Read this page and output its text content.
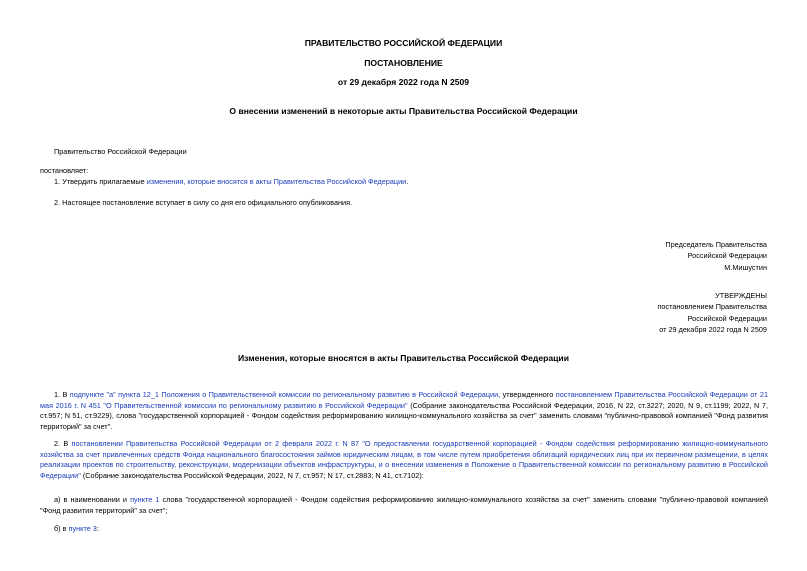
ПРАВИТЕЛЬСТВО РОССИЙСКОЙ ФЕДЕРАЦИИ
ПОСТАНОВЛЕНИЕ
от 29 декабря 2022 года N 2509
О внесении изменений в некоторые акты Правительства Российской Федерации

Правительство Российской Федерации

постановляет:

1. Утвердить прилагаемые изменения, которые вносятся в акты Правительства Российской Федерации.

2. Настоящее постановление вступает в силу со дня его официального опубликования.

Председатель Правительства
Российской Федерации
М.Мишустин
УТВЕРЖДЕНЫ
постановлением Правительства
Российской Федерации
от 29 декабря 2022 года N 2509
Изменения, которые вносятся в акты Правительства Российской Федерации

1. В подпункте "а" пункта 12_1 Положения о Правительственной комиссии по региональному развитию в Российской Федерации, утвержденного постановлением Правительства Российской Федерации от 21 мая 2016 г. N 451 "О Правительственной комиссии по региональному развитию в Российской Федерации" (Собрание законодательства Российской Федерации, 2016, N 22, ст.3227; 2020, N 9, ст.1199; 2022, N 7, ст.957; N 51, ст.9229), слова "государственной корпорацией - Фондом содействия реформированию жилищно-коммунального хозяйства за счет" заменить словами "публично-правовой компанией "Фонд развития территорий" за счет".

2. В постановлении Правительства Российской Федерации от 2 февраля 2022 г. N 87 "О предоставлении государственной корпорацией - Фондом содействия реформированию жилищно-коммунального хозяйства за счет привлеченных средств Фонда национального благосостояния займов юридическим лицам, в том числе путем приобретения облигаций юридических лиц при их первичном размещении, в целях реализации проектов по строительству, реконструкции, модернизации объектов инфраструктуры, и о внесении изменения в Положение о Правительственной комиссии по региональному развитию в Российской Федерации" (Собрание законодательства Российской Федерации, 2022, N 7, ст.957; N 17, ст.2883; N 41, ст.7102):

а) в наименовании и пункте 1 слова "государственной корпорацией - Фондом содействия реформированию жилищно-коммунального хозяйства за счет" заменить словами "публично-правовой компанией "Фонд развития территорий" за счет";

б) в пункте 3:
